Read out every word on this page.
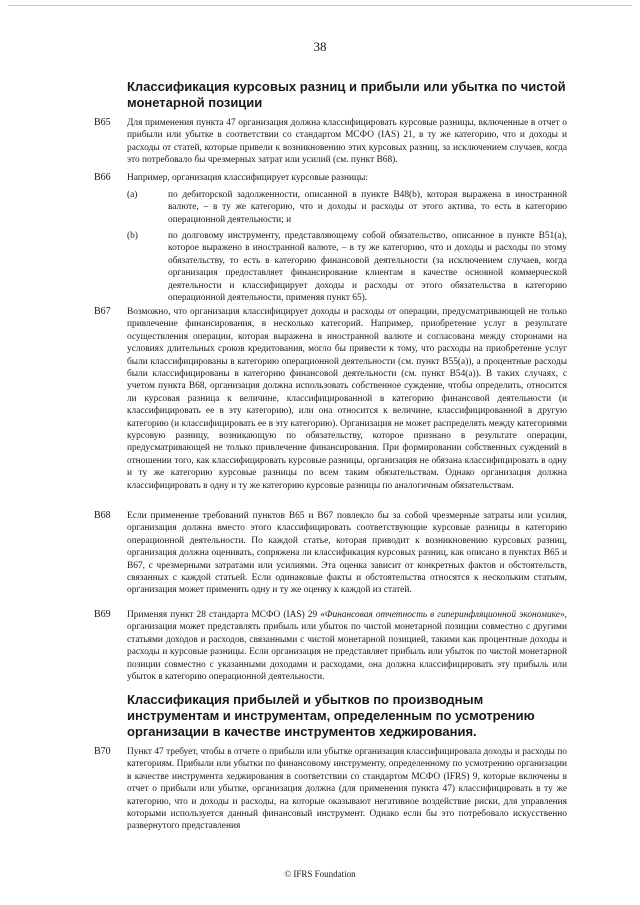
38
Классификация курсовых разниц и прибыли или убытка по чистой монетарной позиции
B65 Для применения пункта 47 организация должна классифицировать курсовые разницы, включенные в отчет о прибыли или убытке в соответствии со стандартом МСФО (IAS) 21, в ту же категорию, что и доходы и расходы от статей, которые привели к возникновению этих курсовых разниц, за исключением случаев, когда это потребовало бы чрезмерных затрат или усилий (см. пункт B68).

B66 Например, организация классифицирует курсовые разницы:

(a)	по дебиторской задолженности, описанной в пункте B48(b), которая выражена в иностранной валюте, – в ту же категорию, что и доходы и расходы от этого актива, то есть в категорию операционной деятельности; и

(b)	по долговому инструменту, представляющему собой обязательство, описанное в пункте B51(a), которое выражено в иностранной валюте, – в ту же категорию, что и доходы и расходы по этому обязательству, то есть в категорию финансовой деятельности (за исключением случаев, когда организация предоставляет финансирование клиентам в качестве основной коммерческой деятельности и классифицирует доходы и расходы от этого обязательства в категорию операционной деятельности, применяя пункт 65).

B67 Возможно, что организация классифицирует доходы и расходы от операции, предусматривающей не только привлечение финансирования, в несколько категорий. Например, приобретение услуг в результате осуществления операции, которая выражена в иностранной валюте и согласована между сторонами на условиях длительных сроков кредитования, могло бы привести к тому, что расходы на приобретение услуг были классифицированы в категорию операционной деятельности (см. пункт B55(a)), а процентные расходы были классифицированы в категорию финансовой деятельности (см. пункт B54(a)). В таких случаях, с учетом пункта B68, организация должна использовать собственное суждение, чтобы определить, относится ли курсовая разница к величине, классифицированной в категорию финансовой деятельности (и классифицировать ее в эту категорию), или она относится к величине, классифицированной в другую категорию (и классифицировать ее в эту категорию). Организация не может распределять между категориями курсовую разницу, возникающую по обязательству, которое признано в результате операции, предусматривающей не только привлечение финансирования. При формировании собственных суждений в отношении того, как классифицировать курсовые разницы, организация не обязана классифицировать в одну и ту же категорию курсовые разницы по всем таким обязательствам. Однако организация должна классифицировать в одну и ту же категорию курсовые разницы по аналогичным обязательствам.

B68 Если применение требований пунктов B65 и B67 повлекло бы за собой чрезмерные затраты или усилия, организация должна вместо этого классифицировать соответствующие курсовые разницы в категорию операционной деятельности. По каждой статье, которая приводит к возникновению курсовых разниц, организация должна оценивать, сопряжена ли классификация курсовых разниц, как описано в пунктах B65 и B67, с чрезмерными затратами или усилиями. Эта оценка зависит от конкретных фактов и обстоятельств, связанных с каждой статьей. Если одинаковые факты и обстоятельства относятся к нескольким статьям, организация может применять одну и ту же оценку к каждой из статей.

B69 Применяя пункт 28 стандарта МСФО (IAS) 29 «Финансовая отчетность в гиперинфляционной экономике», организация может представлять прибыль или убыток по чистой монетарной позиции совместно с другими статьями доходов и расходов, связанными с чистой монетарной позицией, такими как процентные доходы и расходы и курсовые разницы. Если организация не представляет прибыль или убыток по чистой монетарной позиции совместно с указанными доходами и расходами, она должна классифицировать эту прибыль или убыток в категорию операционной деятельности.

Классификация прибылей и убытков по производным инструментам и инструментам, определенным по усмотрению организации в качестве инструментов хеджирования.
B70 Пункт 47 требует, чтобы в отчете о прибыли или убытке организация классифицировала доходы и расходы по категориям. Прибыли или убытки по финансовому инструменту, определенному по усмотрению организации в качестве инструмента хеджирования в соответствии со стандартом МСФО (IFRS) 9, которые включены в отчет о прибыли или убытке, организация должна (для применения пункта 47) классифицировать в ту же категорию, что и доходы и расходы, на которые оказывают негативное воздействие риски, для управления которыми используется данный финансовый инструмент. Однако если бы это потребовало искусственно развернутого представления

© IFRS Foundation
